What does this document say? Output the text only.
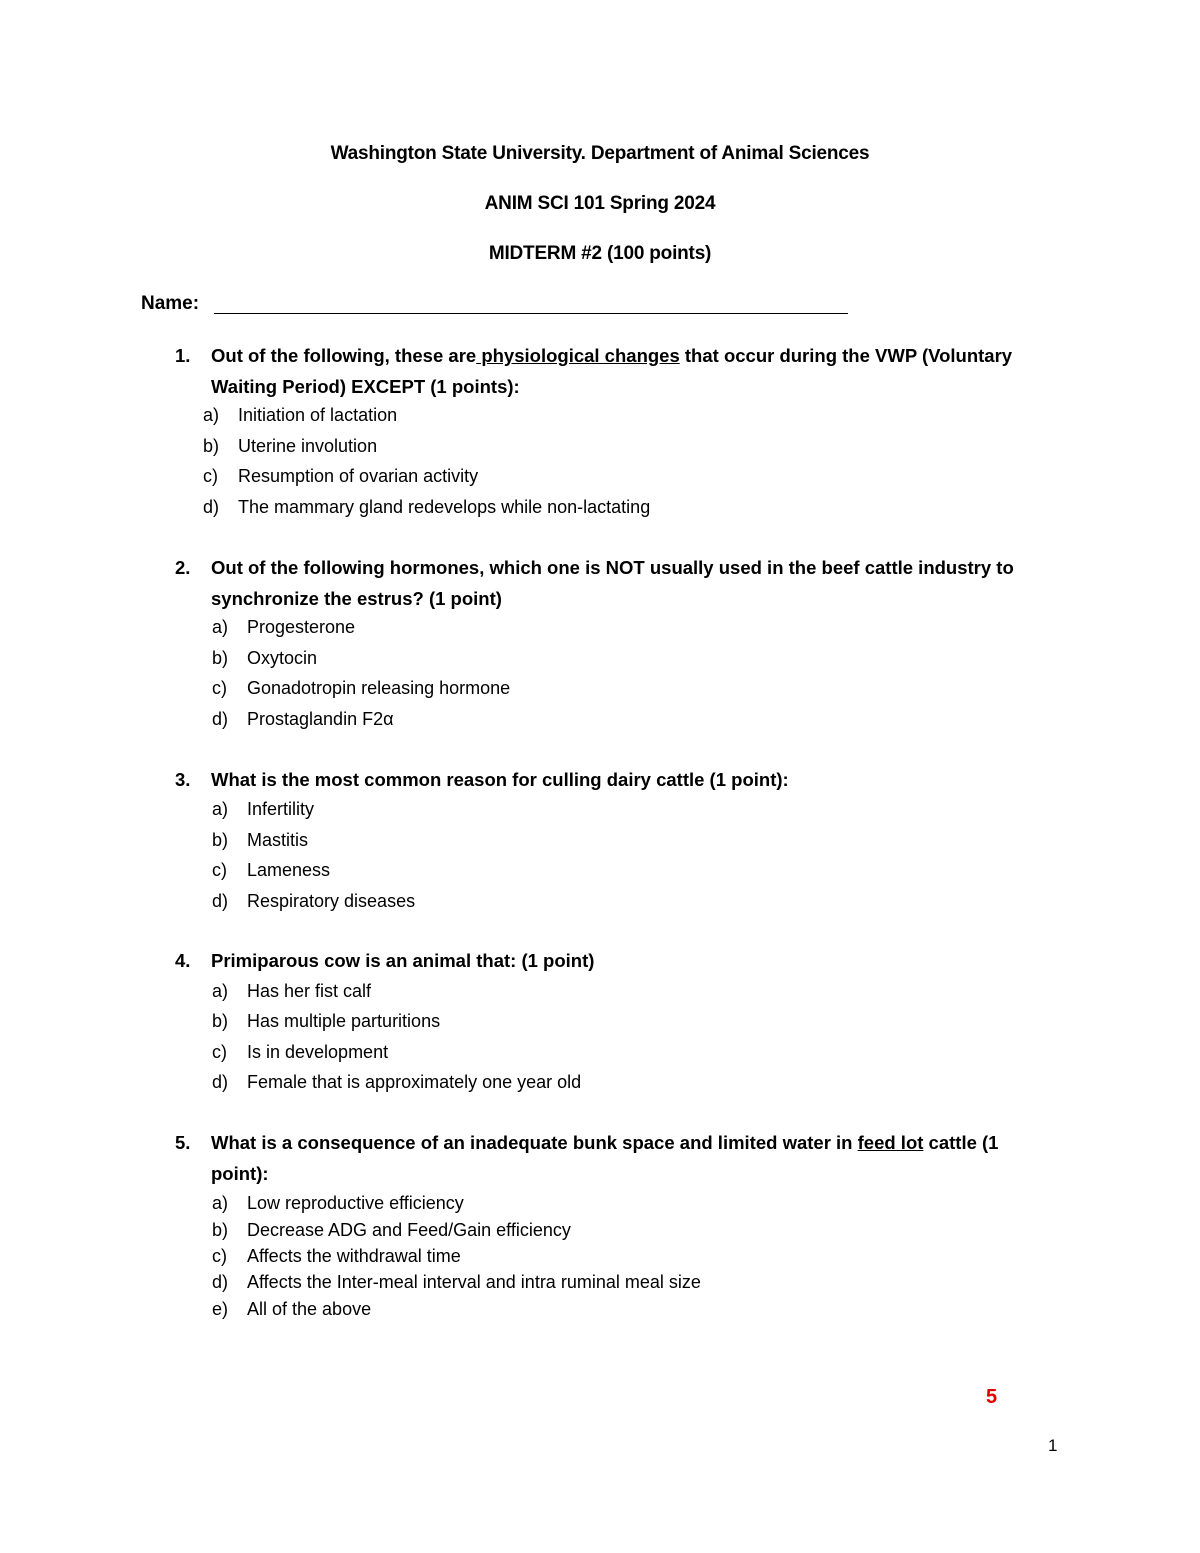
Washington State University. Department of Animal Sciences
ANIM SCI 101 Spring 2024
MIDTERM #2 (100 points)
Name:
1.	Out of the following, these are physiological changes that occur during the VWP (Voluntary Waiting Period) EXCEPT (1 points):
a)	Initiation of lactation
b)	Uterine involution
c)	Resumption of ovarian activity
d)	The mammary gland redevelops while non-lactating
2.	Out of the following hormones, which one is NOT usually used in the beef cattle industry to synchronize the estrus? (1 point)
a)	Progesterone
b)	Oxytocin
c)	Gonadotropin releasing hormone
d)	Prostaglandin F2α
3.	What is the most common reason for culling dairy cattle (1 point):
a)	Infertility
b)	Mastitis
c)	Lameness
d)	Respiratory diseases
4.	Primiparous cow is an animal that: (1 point)
a)	Has her fist calf
b)	Has multiple parturitions
c)	Is in development
d)	Female that is approximately one year old
5.	What is a consequence of an inadequate bunk space and limited water in feed lot cattle (1 point):
a)	Low reproductive efficiency
b)	Decrease ADG and Feed/Gain efficiency
c)	Affects the withdrawal time
d)	Affects the Inter-meal interval and intra ruminal meal size
e)	All of the above
5
1
